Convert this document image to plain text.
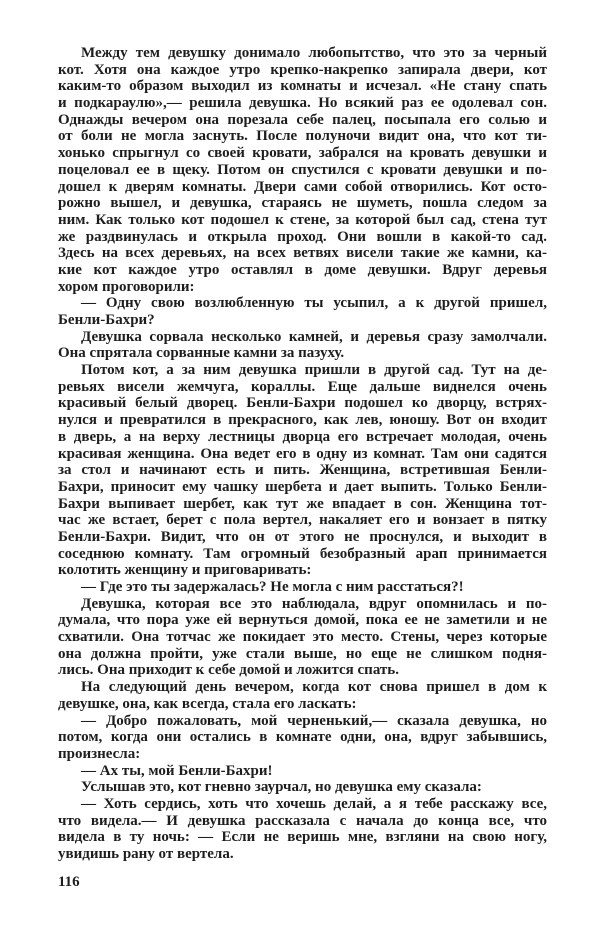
Между тем девушку донимало любопытство, что это за черный
кот. Хотя она каждое утро крепко-накрепко запирала двери, кот
каким-то образом выходил из комнаты и исчезал. «Не стану спать
и подкараулю»,— решила девушка. Но всякий раз ее одолевал сон.
Однажды вечером она порезала себе палец, посыпала его солью и
от боли не могла заснуть. После полуночи видит она, что кот ти-
хонько спрыгнул со своей кровати, забрался на кровать девушки и
поцеловал ее в щеку. Потом он спустился с кровати девушки и по-
дошел к дверям комнаты. Двери сами собой отворились. Кот осто-
рожно вышел, и девушка, стараясь не шуметь, пошла следом за
ним. Как только кот подошел к стене, за которой был сад, стена тут
же раздвинулась и открыла проход. Они вошли в какой-то сад.
Здесь на всех деревьях, на всех ветвях висели такие же камни, ка-
кие кот каждое утро оставлял в доме девушки. Вдруг деревья
хором проговорили:
— Одну свою возлюбленную ты усыпил, а к другой пришел,
Бенли-Бахри?
Девушка сорвала несколько камней, и деревья сразу замолчали.
Она спрятала сорванные камни за пазуху.
Потом кот, а за ним девушка пришли в другой сад. Тут на де-
ревьях висели жемчуга, кораллы. Еще дальше виднелся очень
красивый белый дворец. Бенли-Бахри подошел ко дворцу, встрях-
нулся и превратился в прекрасного, как лев, юношу. Вот он входит
в дверь, а на верху лестницы дворца его встречает молодая, очень
красивая женщина. Она ведет его в одну из комнат. Там они садятся
за стол и начинают есть и пить. Женщина, встретившая Бенли-
Бахри, приносит ему чашку шербета и дает выпить. Только Бенли-
Бахри выпивает шербет, как тут же впадает в сон. Женщина тот-
час же встает, берет с пола вертел, накаляет его и вонзает в пятку
Бенли-Бахри. Видит, что он от этого не проснулся, и выходит в
соседнюю комнату. Там огромный безобразный арап принимается
колотить женщину и приговаривать:
— Где это ты задержалась? Не могла с ним расстаться?!
Девушка, которая все это наблюдала, вдруг опомнилась и по-
думала, что пора уже ей вернуться домой, пока ее не заметили и не
схватили. Она тотчас же покидает это место. Стены, через которые
она должна пройти, уже стали выше, но еще не слишком подня-
лись. Она приходит к себе домой и ложится спать.
На следующий день вечером, когда кот снова пришел в дом к
девушке, она, как всегда, стала его ласкать:
— Добро пожаловать, мой черненький,— сказала девушка, но
потом, когда они остались в комнате одни, она, вдруг забывшись,
произнесла:
— Ах ты, мой Бенли-Бахри!
Услышав это, кот гневно заурчал, но девушка ему сказала:
— Хоть сердись, хоть что хочешь делай, а я тебе расскажу все,
что видела.— И девушка рассказала с начала до конца все, что
видела в ту ночь: — Если не веришь мне, взгляни на свою ногу,
увидишь рану от вертела.
116
